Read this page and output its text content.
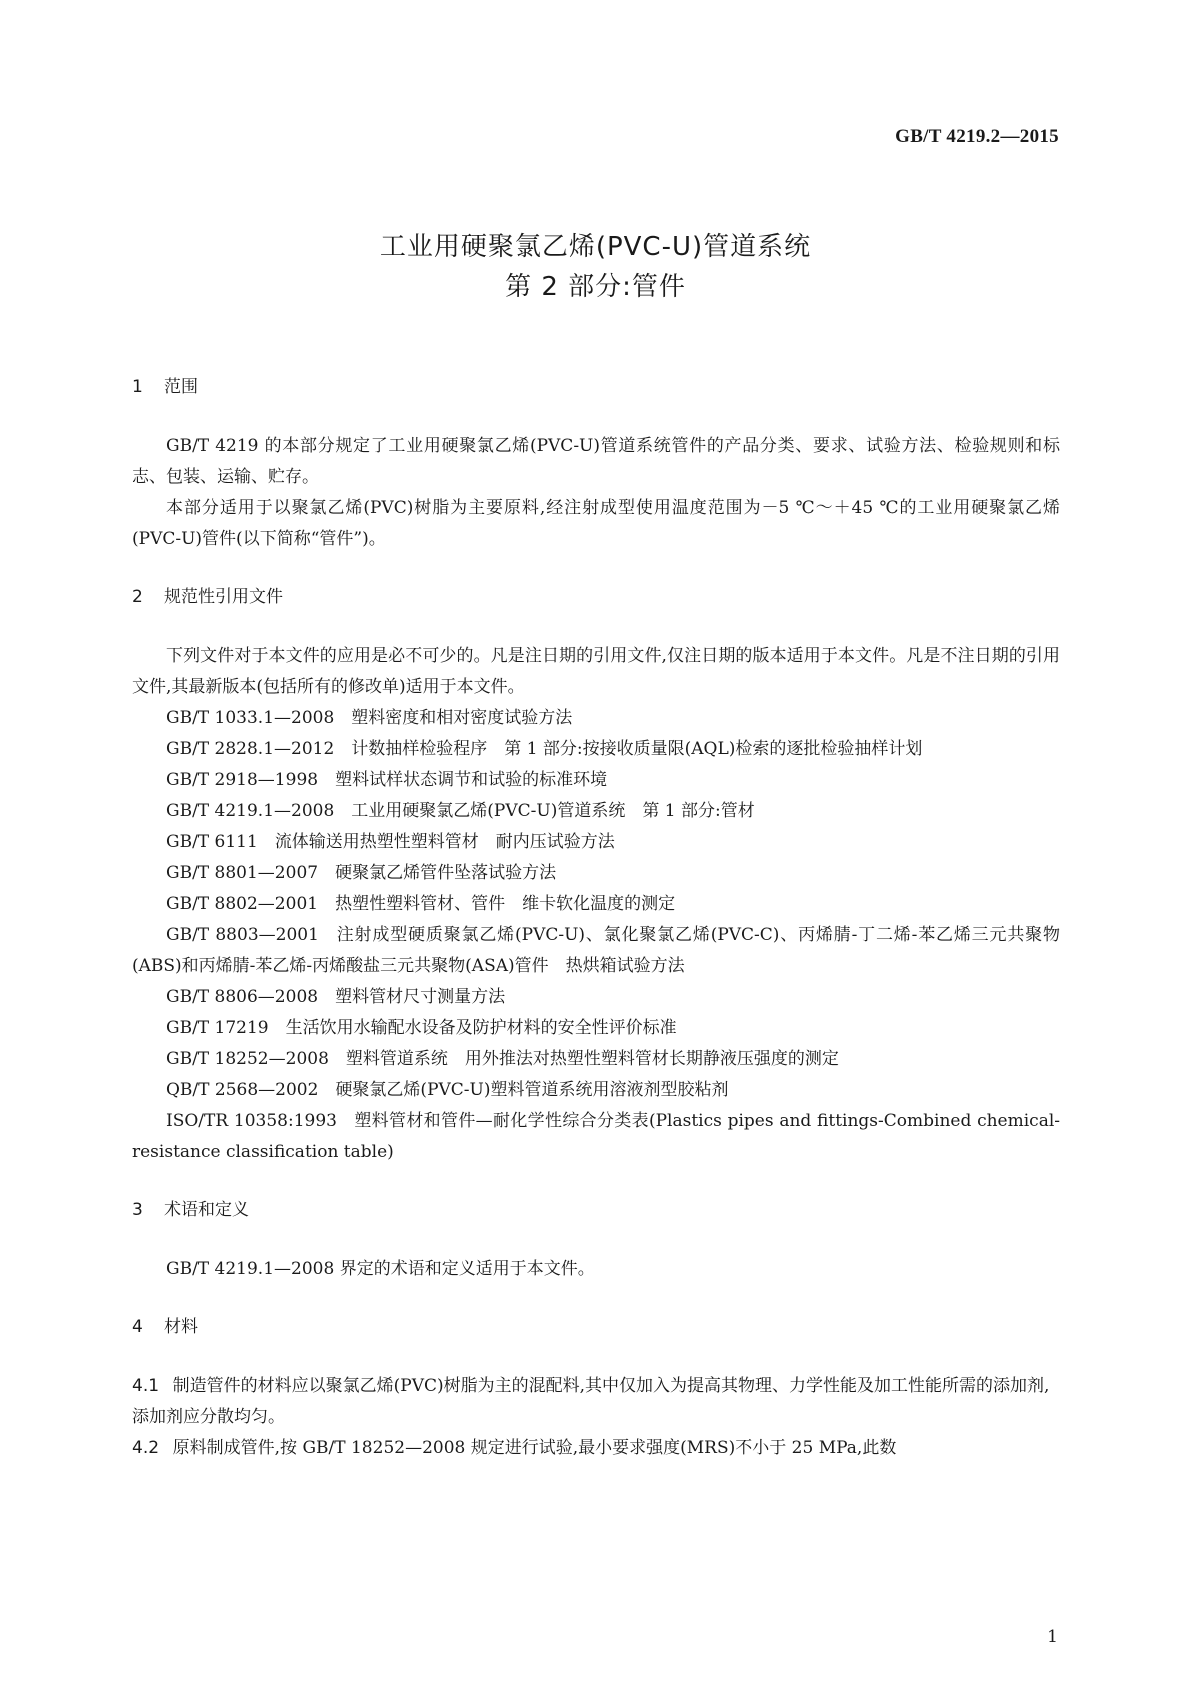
GB/T 4219.2—2015
工业用硬聚氯乙烯(PVC-U)管道系统
第 2 部分:管件
1 范围

GB/T 4219 的本部分规定了工业用硬聚氯乙烯(PVC-U)管道系统管件的产品分类、要求、试验方法、检验规则和标志、包装、运输、贮存。

本部分适用于以聚氯乙烯(PVC)树脂为主要原料,经注射成型使用温度范围为－5 ℃～＋45 ℃的工业用硬聚氯乙烯(PVC-U)管件(以下简称“管件”)。

2 规范性引用文件

下列文件对于本文件的应用是必不可少的。凡是注日期的引用文件,仅注日期的版本适用于本文件。凡是不注日期的引用文件,其最新版本(包括所有的修改单)适用于本文件。

GB/T 1033.1—2008 塑料密度和相对密度试验方法

GB/T 2828.1—2012 计数抽样检验程序　第 1 部分:按接收质量限(AQL)检索的逐批检验抽样计划

GB/T 2918—1998 塑料试样状态调节和试验的标准环境

GB/T 4219.1—2008 工业用硬聚氯乙烯(PVC-U)管道系统　第 1 部分:管材

GB/T 6111 流体输送用热塑性塑料管材　耐内压试验方法

GB/T 8801—2007 硬聚氯乙烯管件坠落试验方法

GB/T 8802—2001 热塑性塑料管材、管件　维卡软化温度的测定

GB/T 8803—2001 注射成型硬质聚氯乙烯(PVC-U)、氯化聚氯乙烯(PVC-C)、丙烯腈-丁二烯-苯乙烯三元共聚物(ABS)和丙烯腈-苯乙烯-丙烯酸盐三元共聚物(ASA)管件　热烘箱试验方法

GB/T 8806—2008 塑料管材尺寸测量方法

GB/T 17219 生活饮用水输配水设备及防护材料的安全性评价标准

GB/T 18252—2008 塑料管道系统　用外推法对热塑性塑料管材长期静液压强度的测定

QB/T 2568—2002 硬聚氯乙烯(PVC-U)塑料管道系统用溶液剂型胶粘剂

ISO/TR 10358:1993 塑料管材和管件—耐化学性综合分类表(Plastics pipes and fittings-Combined chemical-resistance classification table)

3 术语和定义

GB/T 4219.1—2008 界定的术语和定义适用于本文件。

4 材料

4.1 制造管件的材料应以聚氯乙烯(PVC)树脂为主的混配料,其中仅加入为提高其物理、力学性能及加工性能所需的添加剂,添加剂应分散均匀。

4.2 原料制成管件,按 GB/T 18252—2008 规定进行试验,最小要求强度(MRS)不小于 25 MPa,此数

1
